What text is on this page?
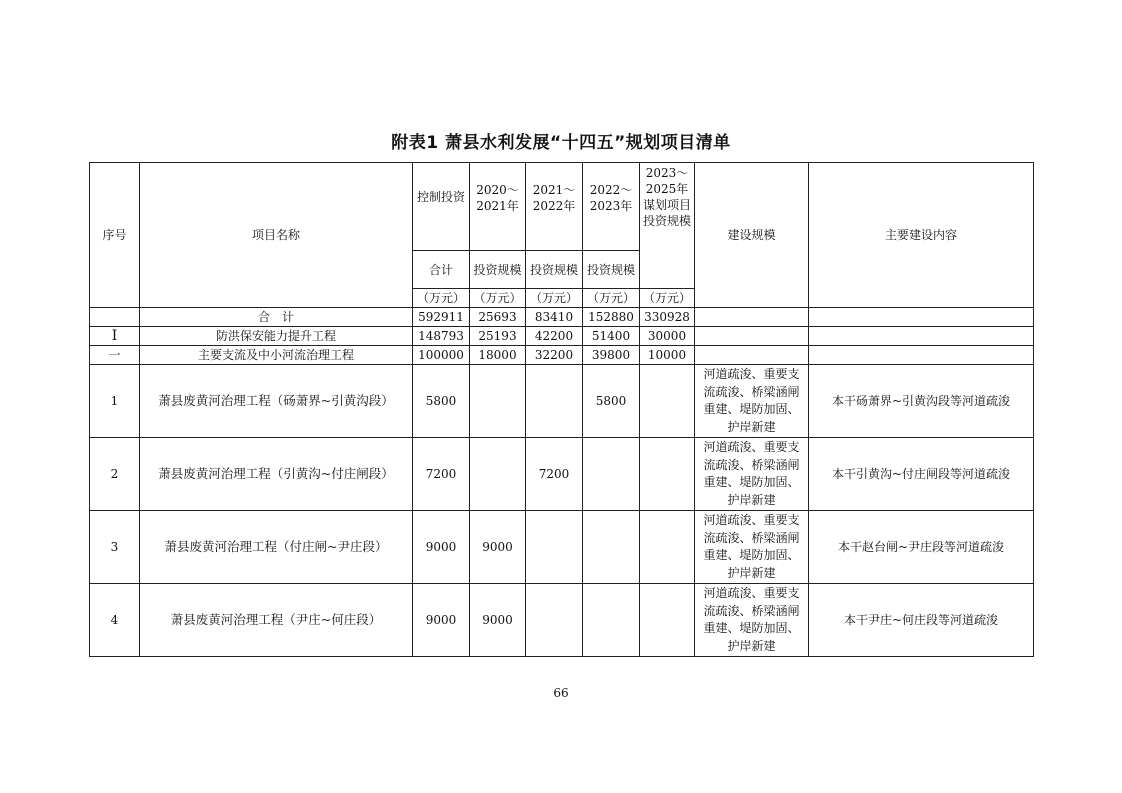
附表1 萧县水利发展“十四五”规划项目清单
序号	项目名称	控制投资	2020～2021年	2021～2022年	2022～2023年	2023～2025年谋划项目投资规模	建设规模	主要建设内容
		合计	投资规模	投资规模	投资规模			

		（万元）	（万元）	（万元）	（万元）	（万元）		
	合　计	592911	25693	83410	152880	330928		
I	防洪保安能力提升工程	148793	25193	42200	51400	30000		
一	主要支流及中小河流治理工程	100000	18000	32200	39800	10000		
1	萧县废黄河治理工程（砀萧界~引黄沟段）	5800			5800		河道疏浚、重要支流疏浚、桥梁涵闸重建、堤防加固、护岸新建	本干砀萧界~引黄沟段等河道疏浚
2	萧县废黄河治理工程（引黄沟~付庄闸段）	7200		7200			河道疏浚、重要支流疏浚、桥梁涵闸重建、堤防加固、护岸新建	本干引黄沟~付庄闸段等河道疏浚
3	萧县废黄河治理工程（付庄闸~尹庄段）	9000	9000				河道疏浚、重要支流疏浚、桥梁涵闸重建、堤防加固、护岸新建	本干赵台闸~尹庄段等河道疏浚
4	萧县废黄河治理工程（尹庄~何庄段）	9000	9000				河道疏浚、重要支流疏浚、桥梁涵闸重建、堤防加固、护岸新建	本干尹庄~何庄段等河道疏浚
66
